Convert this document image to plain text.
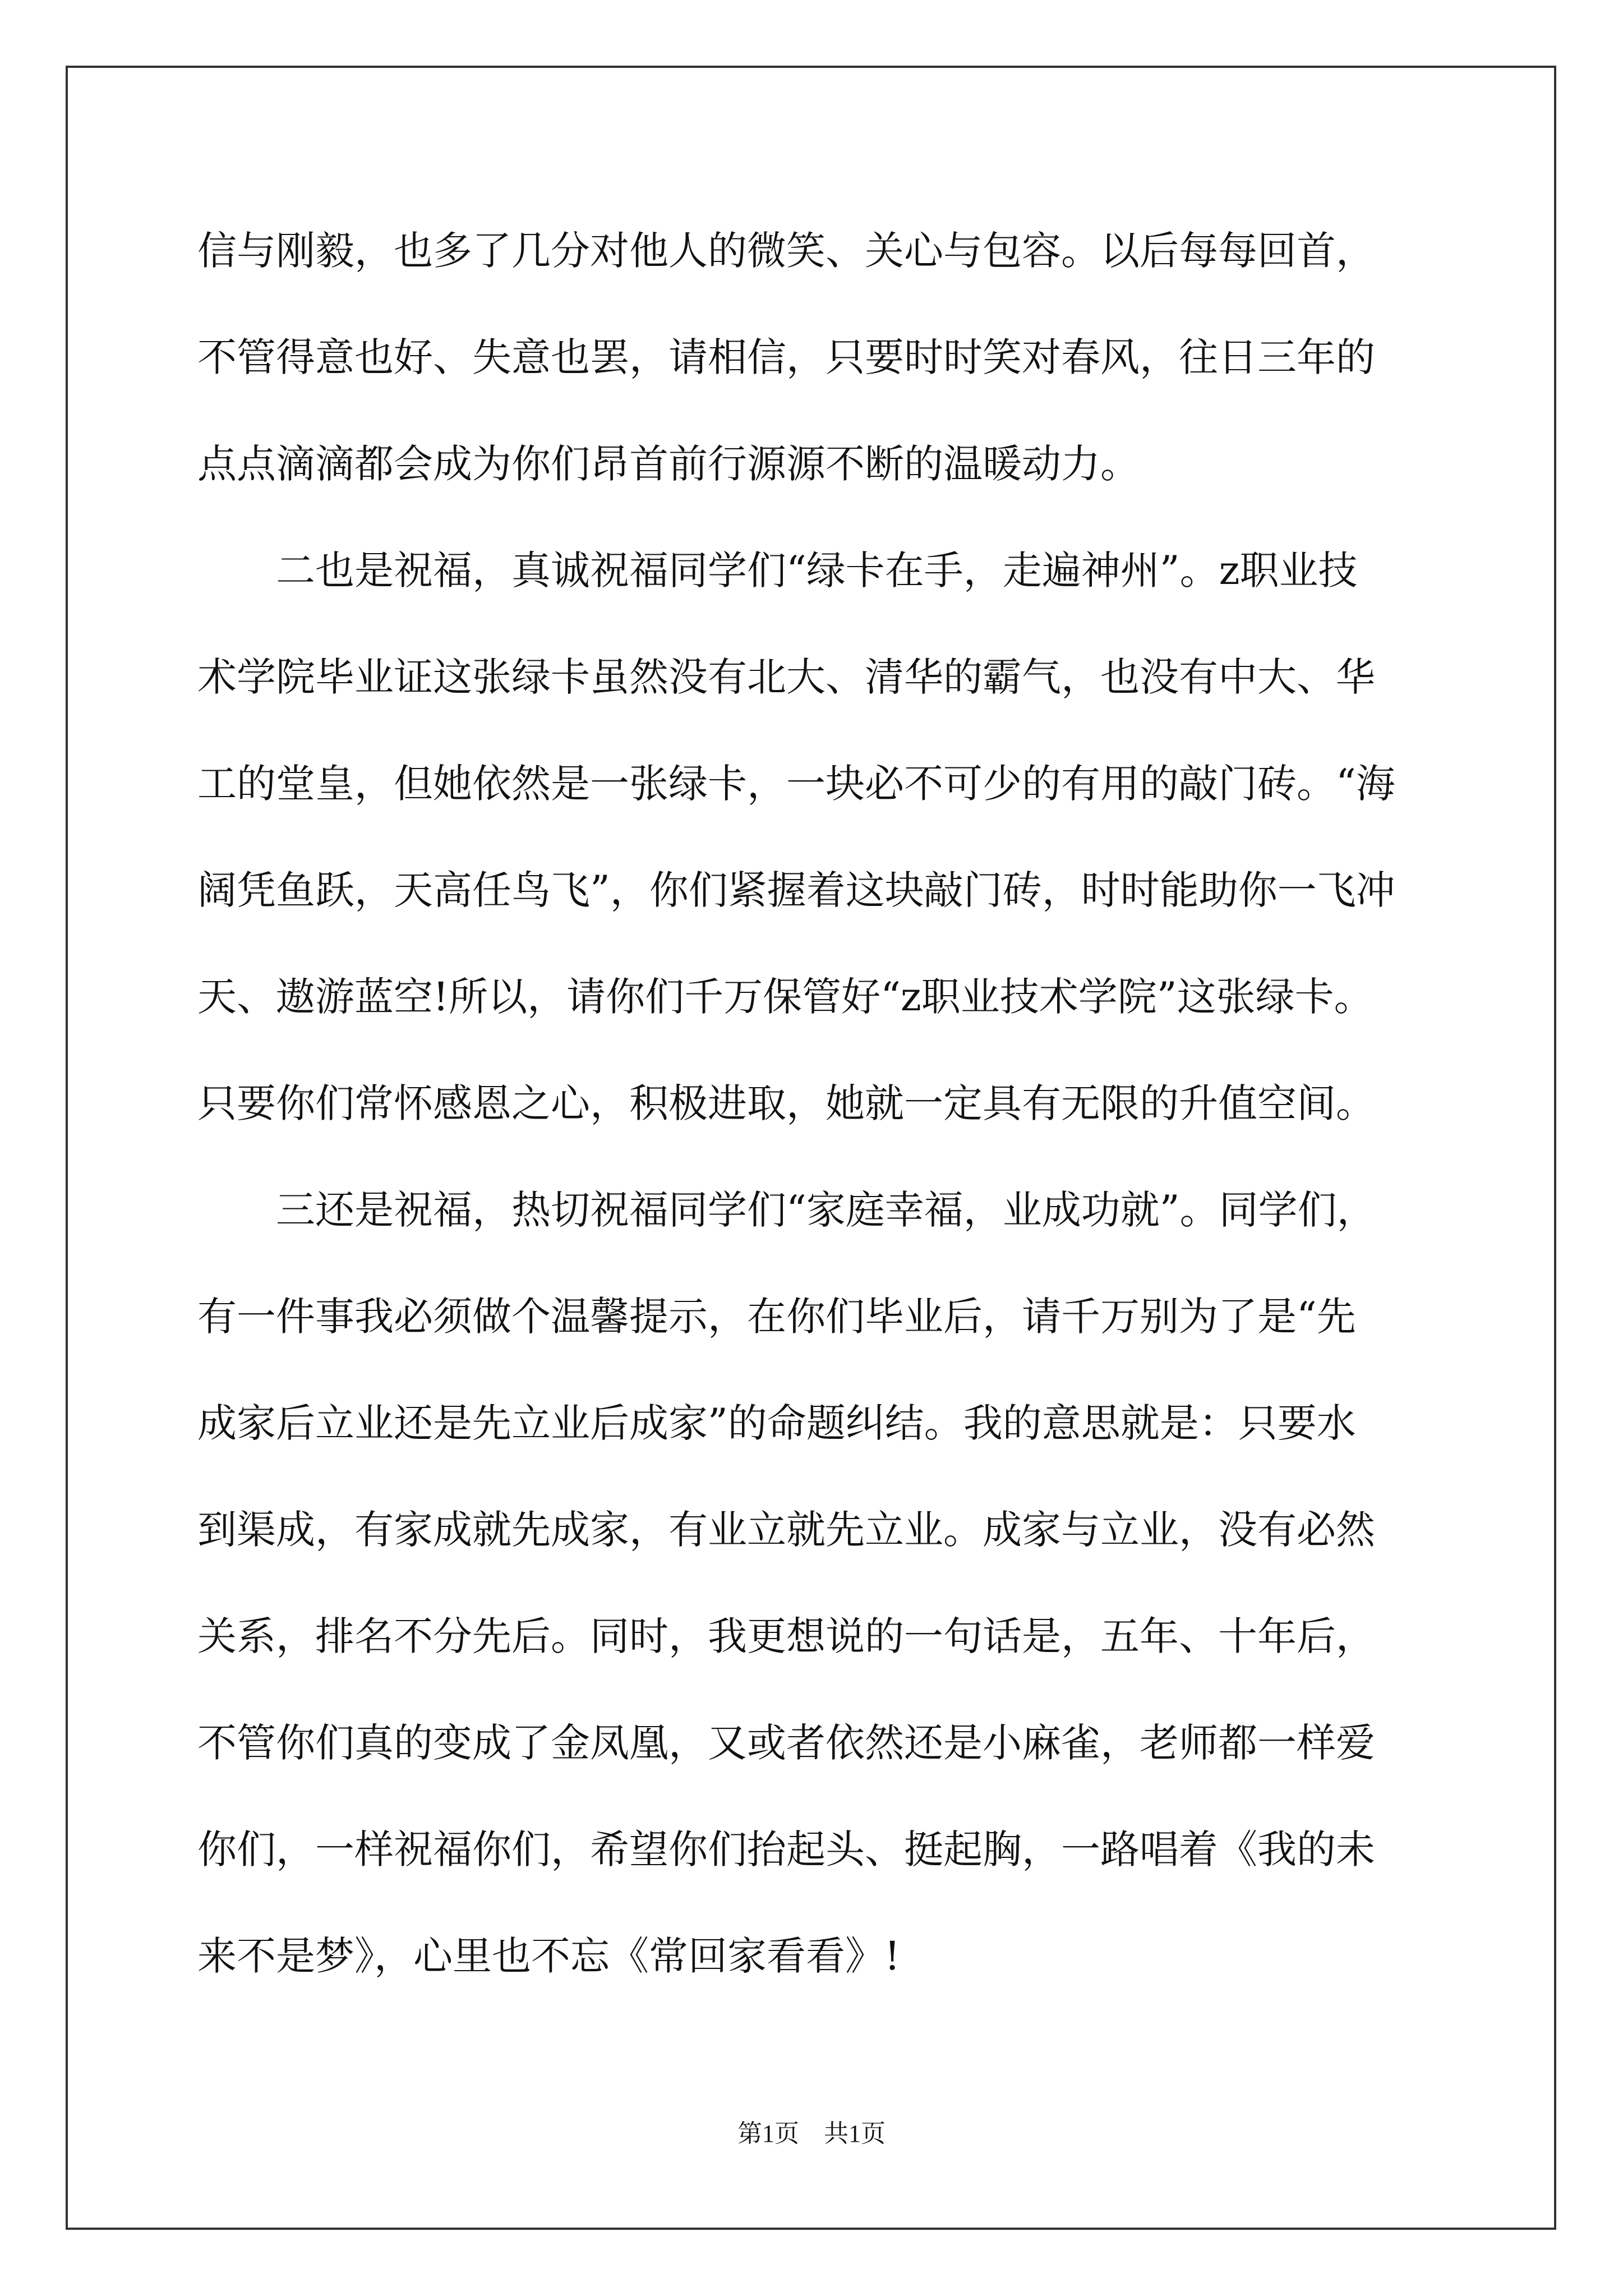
信与刚毅，也多了几分对他人的微笑、关心与包容。以后每每回首，
不管得意也好、失意也罢，请相信，只要时时笑对春风，往日三年的
点点滴滴都会成为你们昂首前行源源不断的温暖动力。
　　二也是祝福，真诚祝福同学们“绿卡在手，走遍神州”。z职业技
术学院毕业证这张绿卡虽然没有北大、清华的霸气，也没有中大、华
工的堂皇，但她依然是一张绿卡，一块必不可少的有用的敲门砖。“海
阔凭鱼跃，天高任鸟飞”，你们紧握着这块敲门砖，时时能助你一飞冲
天、遨游蓝空!所以，请你们千万保管好“z职业技术学院”这张绿卡。
只要你们常怀感恩之心，积极进取，她就一定具有无限的升值空间。
　　三还是祝福，热切祝福同学们“家庭幸福，业成功就”。同学们，
有一件事我必须做个温馨提示，在你们毕业后，请千万别为了是“先
成家后立业还是先立业后成家”的命题纠结。我的意思就是：只要水
到渠成，有家成就先成家，有业立就先立业。成家与立业，没有必然
关系，排名不分先后。同时，我更想说的一句话是，五年、十年后，
不管你们真的变成了金凤凰，又或者依然还是小麻雀，老师都一样爱
你们，一样祝福你们，希望你们抬起头、挺起胸，一路唱着《我的未
来不是梦》，心里也不忘《常回家看看》!
第1页　共1页
